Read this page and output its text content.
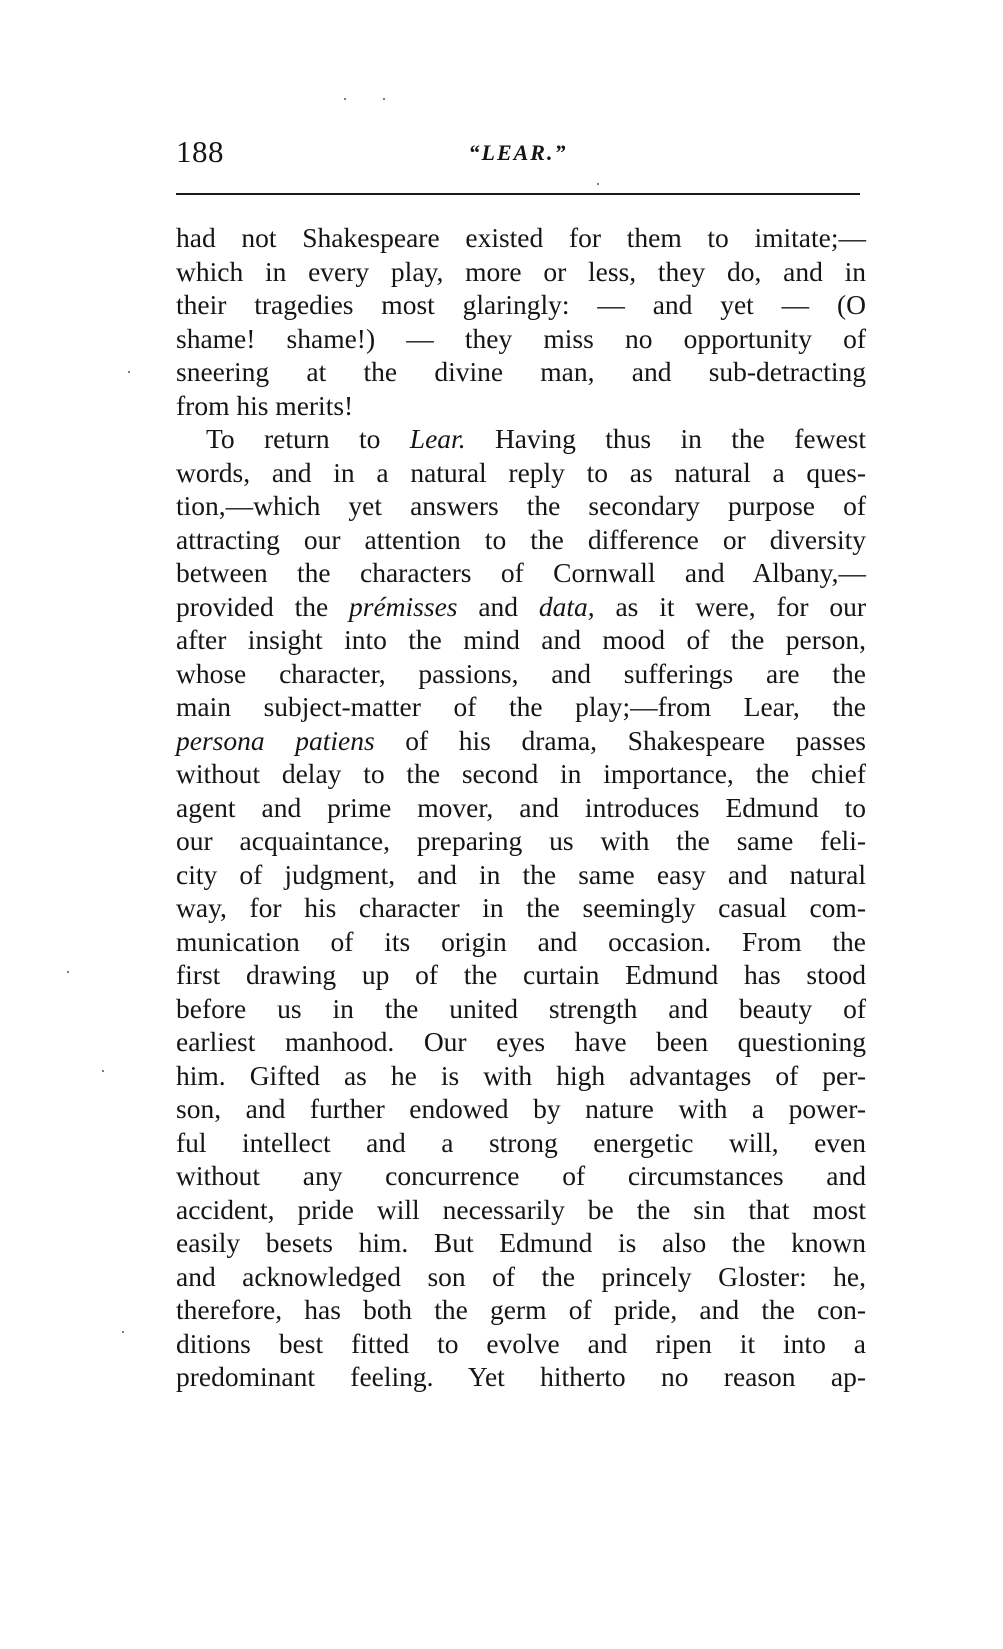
188	“LEAR.”
had not Shakespeare existed for them to imitate;—
which in every play, more or less, they do, and in
their tragedies most glaringly: — and yet — (O
shame! shame!) — they miss no opportunity of
sneering at the divine man, and sub-detracting
from his merits!
To return to Lear. Having thus in the fewest
words, and in a natural reply to as natural a ques-
tion,—which yet answers the secondary purpose of
attracting our attention to the difference or diversity
between the characters of Cornwall and Albany,—
provided the prémisses and data, as it were, for our
after insight into the mind and mood of the person,
whose character, passions, and sufferings are the
main subject-matter of the play;—from Lear, the
persona patiens of his drama, Shakespeare passes
without delay to the second in importance, the chief
agent and prime mover, and introduces Edmund to
our acquaintance, preparing us with the same feli-
city of judgment, and in the same easy and natural
way, for his character in the seemingly casual com-
munication of its origin and occasion. From the
first drawing up of the curtain Edmund has stood
before us in the united strength and beauty of
earliest manhood. Our eyes have been questioning
him. Gifted as he is with high advantages of per-
son, and further endowed by nature with a power-
ful intellect and a strong energetic will, even
without any concurrence of circumstances and
accident, pride will necessarily be the sin that most
easily besets him. But Edmund is also the known
and acknowledged son of the princely Gloster: he,
therefore, has both the germ of pride, and the con-
ditions best fitted to evolve and ripen it into a
predominant feeling. Yet hitherto no reason ap-
